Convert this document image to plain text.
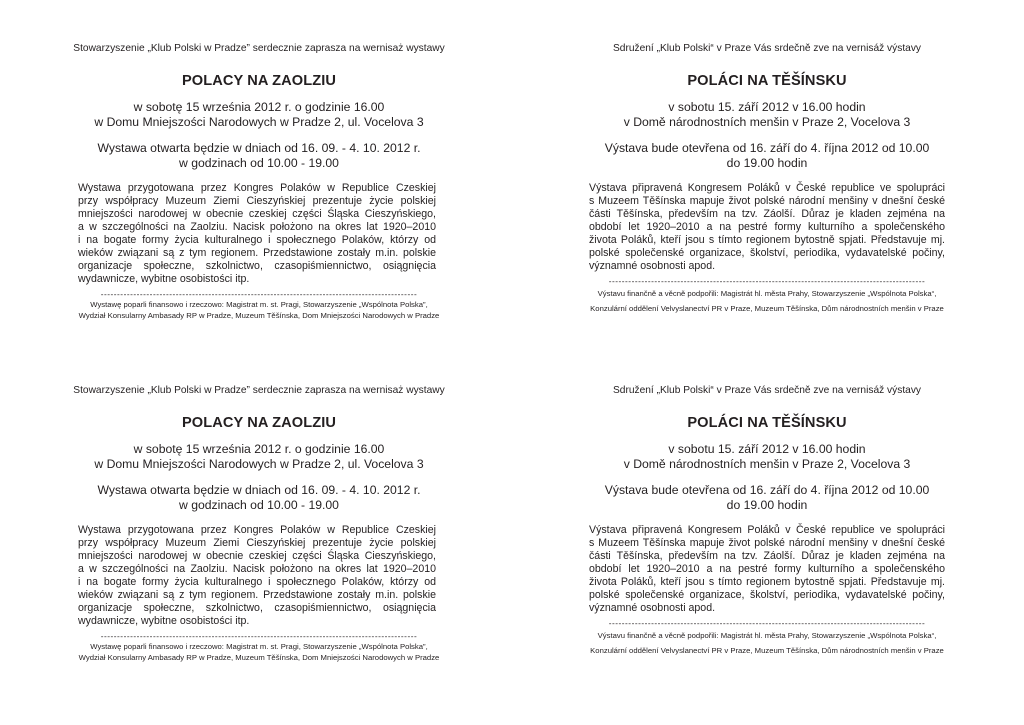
Stowarzyszenie „Klub Polski w Pradze” serdecznie zaprasza na wernisaż wystawy
POLACY NA ZAOLZIU
w sobotę 15 września 2012 r. o godzinie 16.00
w Domu Mniejszości Narodowych w Pradze 2, ul. Vocelova 3
Wystawa otwarta będzie w dniach od 16. 09. - 4. 10. 2012 r.
w godzinach od 10.00 - 19.00
Wystawa przygotowana przez Kongres Polaków w Republice Czeskiej
przy współpracy Muzeum Ziemi Cieszyńskiej prezentuje życie polskiej
mniejszości narodowej w obecnie czeskiej części Śląska Cieszyńskiego,
a w szczególności na Zaolziu. Nacisk położono na okres lat 1920–2010
i na bogate formy życia kulturalnego i społecznego Polaków, którzy od
wieków związani są z tym regionem. Przedstawione zostały m.in. polskie
organizacje społeczne, szkolnictwo, czasopiśmiennictwo, osiągnięcia
wydawnicze, wybitne osobistości itp.
-------------------------------------------------------------------------------------------------
Wystawę poparli finansowo i rzeczowo: Magistrat m. st. Pragi, Stowarzyszenie „Wspólnota Polska”,
Wydział Konsularny Ambasady RP w Pradze, Muzeum Těšínska, Dom Mniejszości Narodowych w Pradze
Sdružení „Klub Polski“ v Praze Vás srdečně zve na vernisáž výstavy
POLÁCI NA TĚŠÍNSKU
v sobotu 15. září 2012 v 16.00 hodin
v Domě národnostních menšin v Praze 2, Vocelova 3
Výstava bude otevřena od 16. září do 4. října 2012 od 10.00
do 19.00 hodin
Výstava připravená Kongresem Poláků v České republice ve spolupráci
s Muzeem Těšínska mapuje život polské národní menšiny v dnešní české
části Těšínska, především na tzv. Záolší. Důraz je kladen zejména na
období let 1920–2010 a na pestré formy kulturního a společenského
života Poláků, kteří jsou s tímto regionem bytostně spjati. Představuje mj.
polské společenské organizace, školství, periodika, vydavatelské počiny,
významné osobnosti apod.
-------------------------------------------------------------------------------------------------
Výstavu finančně a věcně podpořili: Magistrát hl. města Prahy, Stowarzyszenie „Wspólnota Polska“,
Konzulární oddělení Velvyslanectví PR v Praze, Muzeum Těšínska, Dům národnostních menšin v Praze
Stowarzyszenie „Klub Polski w Pradze” serdecznie zaprasza na wernisaż wystawy
POLACY NA ZAOLZIU
w sobotę 15 września 2012 r. o godzinie 16.00
w Domu Mniejszości Narodowych w Pradze 2, ul. Vocelova 3
Wystawa otwarta będzie w dniach od 16. 09. - 4. 10. 2012 r.
w godzinach od 10.00 - 19.00
Wystawa przygotowana przez Kongres Polaków w Republice Czeskiej
przy współpracy Muzeum Ziemi Cieszyńskiej prezentuje życie polskiej
mniejszości narodowej w obecnie czeskiej części Śląska Cieszyńskiego,
a w szczególności na Zaolziu. Nacisk położono na okres lat 1920–2010
i na bogate formy życia kulturalnego i społecznego Polaków, którzy od
wieków związani są z tym regionem. Przedstawione zostały m.in. polskie
organizacje społeczne, szkolnictwo, czasopiśmiennictwo, osiągnięcia
wydawnicze, wybitne osobistości itp.
-------------------------------------------------------------------------------------------------
Wystawę poparli finansowo i rzeczowo: Magistrat m. st. Pragi, Stowarzyszenie „Wspólnota Polska”,
Wydział Konsularny Ambasady RP w Pradze, Muzeum Těšínska, Dom Mniejszości Narodowych w Pradze
Sdružení „Klub Polski“ v Praze Vás srdečně zve na vernisáž výstavy
POLÁCI NA TĚŠÍNSKU
v sobotu 15. září 2012 v 16.00 hodin
v Domě národnostních menšin v Praze 2, Vocelova 3
Výstava bude otevřena od 16. září do 4. října 2012 od 10.00
do 19.00 hodin
Výstava připravená Kongresem Poláků v České republice ve spolupráci
s Muzeem Těšínska mapuje život polské národní menšiny v dnešní české
části Těšínska, především na tzv. Záolší. Důraz je kladen zejména na
období let 1920–2010 a na pestré formy kulturního a společenského
života Poláků, kteří jsou s tímto regionem bytostně spjati. Představuje mj.
polské společenské organizace, školství, periodika, vydavatelské počiny,
významné osobnosti apod.
-------------------------------------------------------------------------------------------------
Výstavu finančně a věcně podpořili: Magistrát hl. města Prahy, Stowarzyszenie „Wspólnota Polska“,
Konzulární oddělení Velvyslanectví PR v Praze, Muzeum Těšínska, Dům národnostních menšin v Praze
